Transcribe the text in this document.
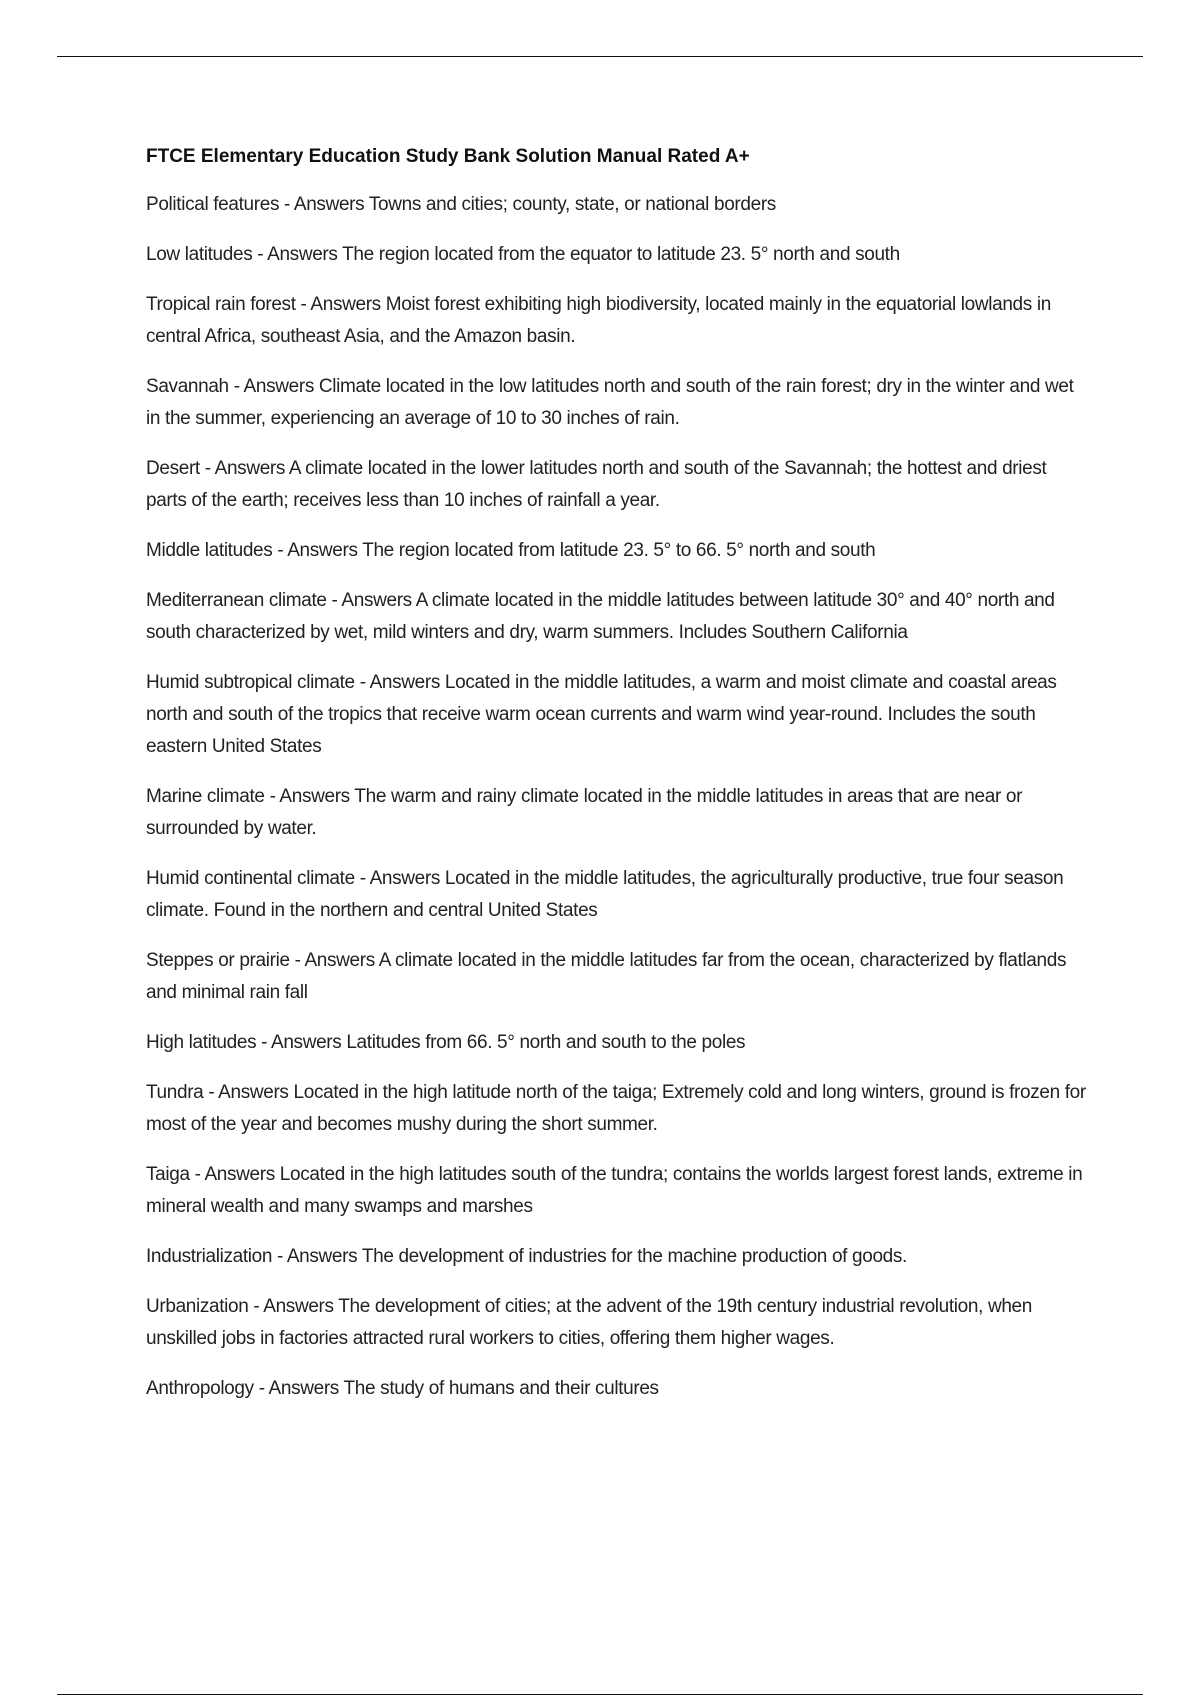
FTCE Elementary Education Study Bank Solution Manual Rated A+

Political features - Answers Towns and cities; county, state, or national borders

Low latitudes - Answers The region located from the equator to latitude 23. 5° north and south

Tropical rain forest - Answers Moist forest exhibiting high biodiversity, located mainly in the equatorial lowlands in central Africa, southeast Asia, and the Amazon basin.

Savannah - Answers Climate located in the low latitudes north and south of the rain forest; dry in the winter and wet in the summer, experiencing an average of 10 to 30 inches of rain.

Desert - Answers A climate located in the lower latitudes north and south of the Savannah; the hottest and driest parts of the earth; receives less than 10 inches of rainfall a year.

Middle latitudes - Answers The region located from latitude 23. 5° to 66. 5° north and south

Mediterranean climate - Answers A climate located in the middle latitudes between latitude 30° and 40° north and south characterized by wet, mild winters and dry, warm summers. Includes Southern California

Humid subtropical climate - Answers Located in the middle latitudes, a warm and moist climate and coastal areas north and south of the tropics that receive warm ocean currents and warm wind year-round. Includes the south eastern United States

Marine climate - Answers The warm and rainy climate located in the middle latitudes in areas that are near or surrounded by water.

Humid continental climate - Answers Located in the middle latitudes, the agriculturally productive, true four season climate. Found in the northern and central United States

Steppes or prairie - Answers A climate located in the middle latitudes far from the ocean, characterized by flatlands and minimal rain fall

High latitudes - Answers Latitudes from 66. 5° north and south to the poles

Tundra - Answers Located in the high latitude north of the taiga; Extremely cold and long winters, ground is frozen for most of the year and becomes mushy during the short summer.

Taiga - Answers Located in the high latitudes south of the tundra; contains the worlds largest forest lands, extreme in mineral wealth and many swamps and marshes

Industrialization - Answers The development of industries for the machine production of goods.

Urbanization - Answers The development of cities; at the advent of the 19th century industrial revolution, when unskilled jobs in factories attracted rural workers to cities, offering them higher wages.

Anthropology - Answers The study of humans and their cultures
